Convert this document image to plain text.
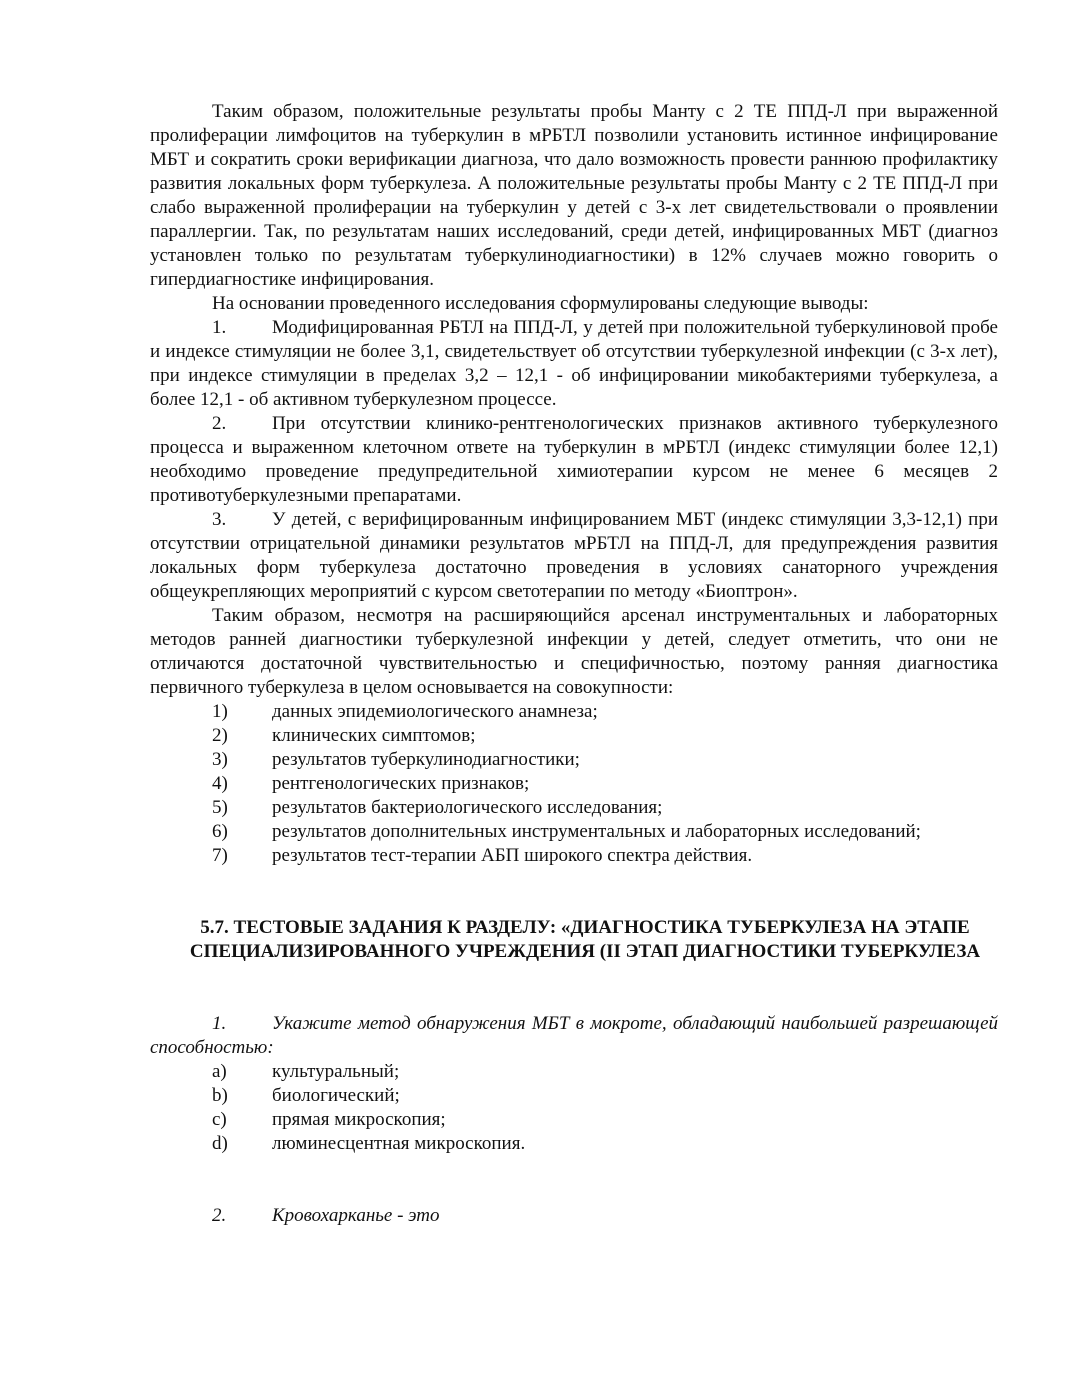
Таким образом, положительные результаты пробы Манту с 2 ТЕ ППД-Л при выраженной пролиферации лимфоцитов на туберкулин в мРБТЛ позволили установить истинное инфицирование МБТ и сократить сроки верификации диагноза, что дало возможность провести раннюю профилактику развития локальных форм туберкулеза. А положительные результаты пробы Манту с 2 ТЕ ППД-Л при слабо выраженной пролиферации на туберкулин у детей с 3-х лет свидетельствовали о проявлении параллергии. Так, по результатам наших исследований, среди детей, инфицированных МБТ (диагноз установлен только по результатам туберкулинодиагностики) в 12% случаев можно говорить о гипердиагностике инфицирования.

На основании проведенного исследования сформулированы следующие выводы:

1. Модифицированная РБТЛ на ППД-Л, у детей при положительной туберкулиновой пробе и индексе стимуляции не более 3,1, свидетельствует об отсутствии туберкулезной инфекции (с 3-х лет), при индексе стимуляции в пределах 3,2 – 12,1 - об инфицировании микобактериями туберкулеза, а более 12,1 - об активном туберкулезном процессе.

2. При отсутствии клинико-рентгенологических признаков активного туберкулезного процесса и выраженном клеточном ответе на туберкулин в мРБТЛ (индекс стимуляции более 12,1) необходимо проведение предупредительной химиотерапии курсом не менее 6 месяцев 2 противотуберкулезными препаратами.

3. У детей, с верифицированным инфицированием МБТ (индекс стимуляции 3,3-12,1) при отсутствии отрицательной динамики результатов мРБТЛ на ППД-Л, для предупреждения развития локальных форм туберкулеза достаточно проведения в условиях санаторного учреждения общеукрепляющих мероприятий с курсом светотерапии по методу «Биоптрон».

Таким образом, несмотря на расширяющийся арсенал инструментальных и лабораторных методов ранней диагностики туберкулезной инфекции у детей, следует отметить, что они не отличаются достаточной чувствительностью и специфичностью, поэтому ранняя диагностика первичного туберкулеза в целом основывается на совокупности:

1)	данных эпидемиологического анамнеза;
2)	клинических симптомов;
3)	результатов туберкулинодиагностики;
4)	рентгенологических признаков;
5)	результатов бактериологического исследования;
6)	результатов дополнительных инструментальных и лабораторных исследований;
7)	результатов тест-терапии АБП широкого спектра действия.
5.7. ТЕСТОВЫЕ ЗАДАНИЯ К РАЗДЕЛУ: «ДИАГНОСТИКА ТУБЕРКУЛЕЗА НА ЭТАПЕ СПЕЦИАЛИЗИРОВАННОГО УЧРЕЖДЕНИЯ (II ЭТАП ДИАГНОСТИКИ ТУБЕРКУЛЕЗА

1. Укажите метод обнаружения МБТ в мокроте, обладающий наибольшей разрешающей способностью:

a)	культуральный;
b)	биологический;
c)	прямая микроскопия;
d)	люминесцентная микроскопия.

2. Кровохарканье - это
